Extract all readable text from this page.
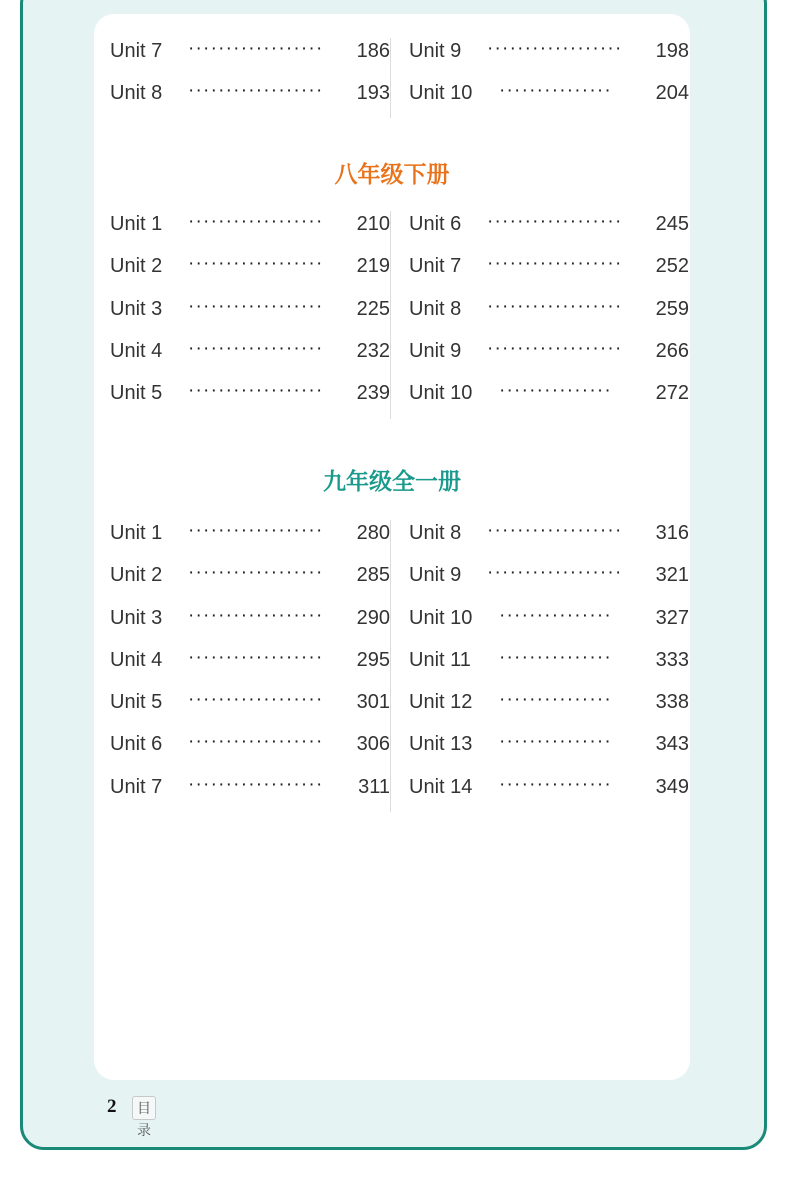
Unit 7 ·················· 186
Unit 8 ·················· 193
Unit 9 ·················· 198
Unit 10 ··············· 204
八年级下册
Unit 1 ·················· 210
Unit 2 ·················· 219
Unit 3 ·················· 225
Unit 4 ·················· 232
Unit 5 ·················· 239
Unit 6 ·················· 245
Unit 7 ·················· 252
Unit 8 ·················· 259
Unit 9 ·················· 266
Unit 10 ··············· 272
九年级全一册
Unit 1 ·················· 280
Unit 2 ·················· 285
Unit 3 ·················· 290
Unit 4 ·················· 295
Unit 5 ·················· 301
Unit 6 ·················· 306
Unit 7 ·················· 311
Unit 8 ·················· 316
Unit 9 ·················· 321
Unit 10 ··············· 327
Unit 11 ··············· 333
Unit 12 ··············· 338
Unit 13 ··············· 343
Unit 14 ··············· 349
2	目录
